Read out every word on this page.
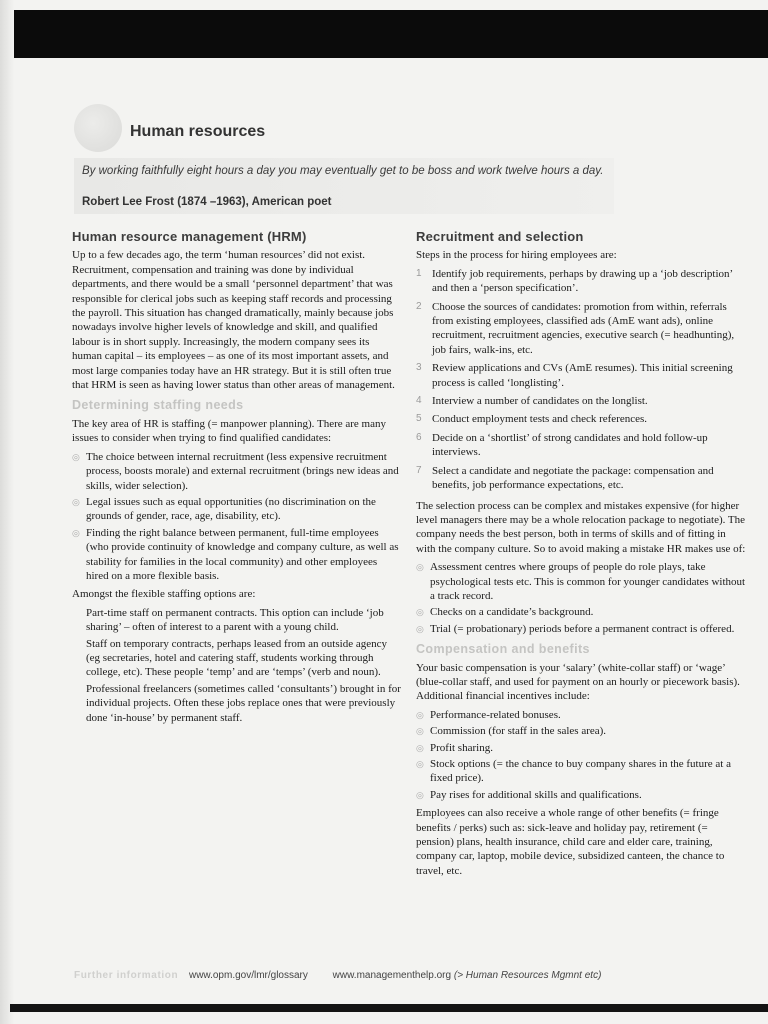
Human resources
By working faithfully eight hours a day you may eventually get to be boss and work twelve hours a day.
Robert Lee Frost (1874 –1963), American poet
Human resource management (HRM)

Up to a few decades ago, the term ‘human resources’ did not exist. Recruitment, compensation and training was done by individual departments, and there would be a small ‘personnel department’ that was responsible for clerical jobs such as keeping staff records and processing the payroll. This situation has changed dramatically, mainly because jobs nowadays involve higher levels of knowledge and skill, and qualified labour is in short supply. Increasingly, the modern company sees its human capital – its employees – as one of its most important assets, and most large companies today have an HR strategy. But it is still often true that HRM is seen as having lower status than other areas of management.

Determining staffing needs

The key area of HR is staffing (= manpower planning). There are many issues to consider when trying to find qualified candidates:

◎ The choice between internal recruitment (less expensive recruitment process, boosts morale) and external recruitment (brings new ideas and skills, wider selection).
◎ Legal issues such as equal opportunities (no discrimination on the grounds of gender, race, age, disability, etc).
◎ Finding the right balance between permanent, full-time employees (who provide continuity of knowledge and company culture, as well as stability for families in the local community) and other employees hired on a more flexible basis.

Amongst the flexible staffing options are:

Part-time staff on permanent contracts. This option can include ‘job sharing’ – often of interest to a parent with a young child.
Staff on temporary contracts, perhaps leased from an outside agency (eg secretaries, hotel and catering staff, students working through college, etc). These people ‘temp’ and are ‘temps’ (verb and noun).
Professional freelancers (sometimes called ‘consultants’) brought in for individual projects. Often these jobs replace ones that were previously done ‘in-house’ by permanent staff.
Recruitment and selection

Steps in the process for hiring employees are:

1 Identify job requirements, perhaps by drawing up a ‘job description’ and then a ‘person specification’.
2 Choose the sources of candidates: promotion from within, referrals from existing employees, classified ads (AmE want ads), online recruitment, recruitment agencies, executive search (= headhunting), job fairs, walk-ins, etc.
3 Review applications and CVs (AmE resumes). This initial screening process is called ‘longlisting’.
4 Interview a number of candidates on the longlist.
5 Conduct employment tests and check references.
6 Decide on a ‘shortlist’ of strong candidates and hold follow-up interviews.
7 Select a candidate and negotiate the package: compensation and benefits, job performance expectations, etc.

The selection process can be complex and mistakes expensive (for higher level managers there may be a whole relocation package to negotiate). The company needs the best person, both in terms of skills and of fitting in with the company culture. So to avoid making a mistake HR makes use of:

◎ Assessment centres where groups of people do role plays, take psychological tests etc. This is common for younger candidates without a track record.
◎ Checks on a candidate’s background.
◎ Trial (= probationary) periods before a permanent contract is offered.
Compensation and benefits

Your basic compensation is your ‘salary’ (white-collar staff) or ‘wage’ (blue-collar staff, and used for payment on an hourly or piecework basis). Additional financial incentives include:

◎ Performance-related bonuses.
◎ Commission (for staff in the sales area).
◎ Profit sharing.
◎ Stock options (= the chance to buy company shares in the future at a fixed price).
◎ Pay rises for additional skills and qualifications.

Employees can also receive a whole range of other benefits (= fringe benefits / perks) such as: sick-leave and holiday pay, retirement (= pension) plans, health insurance, child care and elder care, training, company car, laptop, mobile device, subsidized canteen, the chance to travel, etc.

Further information www.opm.gov/lmr/glossary www.managementhelp.org (> Human Resources Mgmnt etc)
